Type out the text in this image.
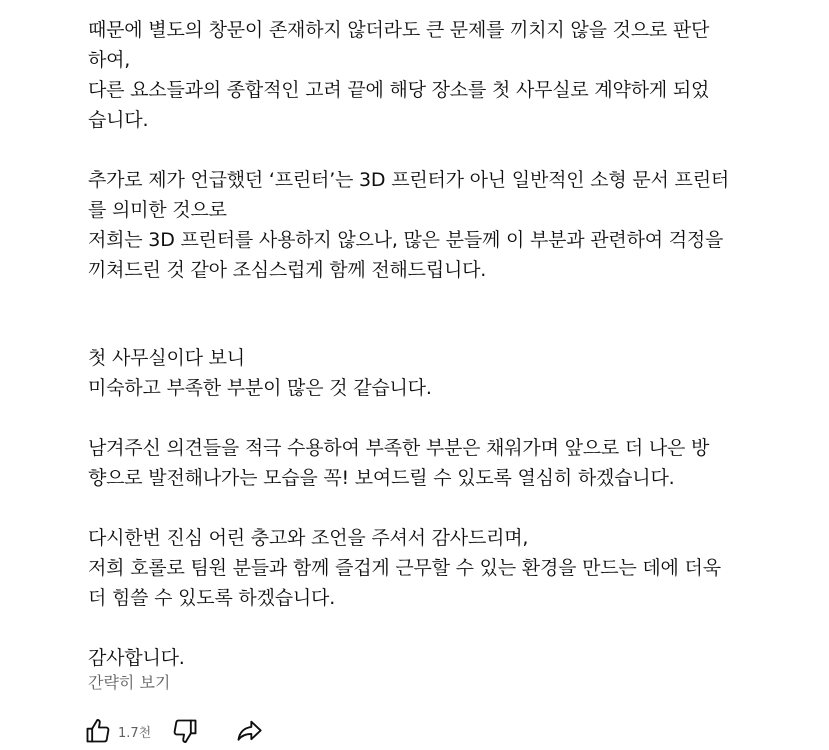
때문에 별도의 창문이 존재하지 않더라도 큰 문제를 끼치지 않을 것으로 판단
하여,
다른 요소들과의 종합적인 고려 끝에 해당 장소를 첫 사무실로 계약하게 되었
습니다.
추가로 제가 언급했던 ‘프린터’는 3D 프린터가 아닌 일반적인 소형 문서 프린터
를 의미한 것으로
저희는 3D 프린터를 사용하지 않으나, 많은 분들께 이 부분과 관련하여 걱정을
끼쳐드린 것 같아 조심스럽게 함께 전해드립니다.
첫 사무실이다 보니
미숙하고 부족한 부분이 많은 것 같습니다.
남겨주신 의견들을 적극 수용하여 부족한 부분은 채워가며 앞으로 더 나은 방
향으로 발전해나가는 모습을 꼭! 보여드릴 수 있도록 열심히 하겠습니다.
다시한번 진심 어린 충고와 조언을 주셔서 감사드리며,
저희 호롤로 팀원 분들과 함께 즐겁게 근무할 수 있는 환경을 만드는 데에 더욱
더 힘쓸 수 있도록 하겠습니다.
감사합니다.
간략히 보기
1.7천
